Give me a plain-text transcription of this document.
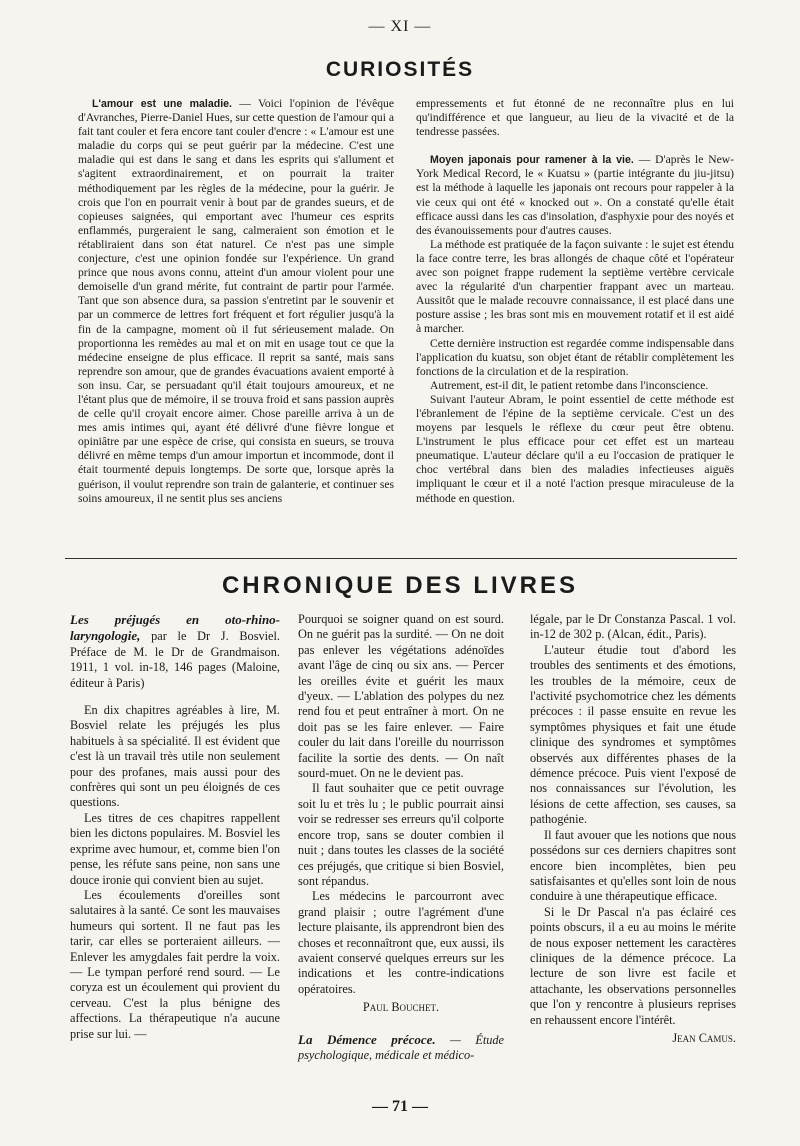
— XI —
CURIOSITÉS

L'amour est une maladie. — Voici l'opinion de l'évêque d'Avranches, Pierre-Daniel Hues, sur cette question de l'amour qui a fait tant couler et fera encore tant couler d'encre : « L'amour est une maladie du corps qui se peut guérir par la médecine. C'est une maladie qui est dans le sang et dans les esprits qui s'allument et s'agitent extraordinairement, et on pourrait la traiter méthodiquement par les règles de la médecine, pour la guérir. Je crois que l'on en pourrait venir à bout par de grandes sueurs, et de copieuses saignées, qui emportant avec l'humeur ces esprits enflammés, purgeraient le sang, calmeraient son émotion et le rétabliraient dans son état naturel. Ce n'est pas une simple conjecture, c'est une opinion fondée sur l'expérience. Un grand prince que nous avons connu, atteint d'un amour violent pour une demoiselle d'un grand mérite, fut contraint de partir pour l'armée. Tant que son absence dura, sa passion s'entretint par le souvenir et par un commerce de lettres fort fréquent et fort régulier jusqu'à la fin de la campagne, moment où il fut sérieusement malade. On proportionna les remèdes au mal et on mit en usage tout ce que la médecine enseigne de plus efficace. Il reprit sa santé, mais sans reprendre son amour, que de grandes évacuations avaient emporté à son insu. Car, se persuadant qu'il était toujours amoureux, et ne l'étant plus que de mémoire, il se trouva froid et sans passion auprès de celle qu'il croyait encore aimer. Chose pareille arriva à un de mes amis intimes qui, ayant été délivré d'une fièvre longue et opiniâtre par une espèce de crise, qui consista en sueurs, se trouva délivré en même temps d'un amour importun et incommode, dont il était tourmenté depuis longtemps. De sorte que, lorsque après la guérison, il voulut reprendre son train de galanterie, et continuer ses soins amoureux, il ne sentit plus ses anciens

empressements et fut étonné de ne reconnaître plus en lui qu'indifférence et que langueur, au lieu de la vivacité et de la tendresse passées.

Moyen japonais pour ramener à la vie. — D'après le New-York Medical Record, le « Kuatsu » (partie intégrante du jiu-jitsu) est la méthode à laquelle les japonais ont recours pour rappeler à la vie ceux qui ont été « knocked out ». On a constaté qu'elle était efficace aussi dans les cas d'insolation, d'asphyxie pour des noyés et des évanouissements pour d'autres causes.

La méthode est pratiquée de la façon suivante : le sujet est étendu la face contre terre, les bras allongés de chaque côté et l'opérateur avec son poignet frappe rudement la septième vertèbre cervicale avec la régularité d'un charpentier frappant avec un marteau. Aussitôt que le malade recouvre connaissance, il est placé dans une posture assise ; les bras sont mis en mouvement rotatif et il est aidé à marcher.

Cette dernière instruction est regardée comme indispensable dans l'application du kuatsu, son objet étant de rétablir complètement les fonctions de la circulation et de la respiration.

Autrement, est-il dit, le patient retombe dans l'inconscience.

Suivant l'auteur Abram, le point essentiel de cette méthode est l'ébranlement de l'épine de la septième cervicale. C'est un des moyens par lesquels le réflexe du cœur peut être obtenu. L'instrument le plus efficace pour cet effet est un marteau pneumatique. L'auteur déclare qu'il a eu l'occasion de pratiquer le choc vertébral dans bien des maladies infectieuses aiguës impliquant le cœur et il a noté l'action presque miraculeuse de la méthode en question.

CHRONIQUE DES LIVRES

Les préjugés en oto-rhino-laryngologie, par le Dr J. Bosviel. Préface de M. le Dr de Grandmaison. 1911, 1 vol. in-18, 146 pages (Maloine, éditeur à Paris)

En dix chapitres agréables à lire, M. Bosviel relate les préjugés les plus habituels à sa spécialité. Il est évident que c'est là un travail très utile non seulement pour des profanes, mais aussi pour des confrères qui sont un peu éloignés de ces questions.

Les titres de ces chapitres rappellent bien les dictons populaires. M. Bosviel les exprime avec humour, et, comme bien l'on pense, les réfute sans peine, non sans une douce ironie qui convient bien au sujet.

Les écoulements d'oreilles sont salutaires à la santé. Ce sont les mauvaises humeurs qui sortent. Il ne faut pas les tarir, car elles se porteraient ailleurs. — Enlever les amygdales fait perdre la voix. — Le tympan perforé rend sourd. — Le coryza est un écoulement qui provient du cerveau. C'est la plus bénigne des affections. La thérapeutique n'a aucune prise sur lui. —

Pourquoi se soigner quand on est sourd. On ne guérit pas la surdité. — On ne doit pas enlever les végétations adénoïdes avant l'âge de cinq ou six ans. — Percer les oreilles évite et guérit les maux d'yeux. — L'ablation des polypes du nez rend fou et peut entraîner à mort. On ne doit pas se les faire enlever. — Faire couler du lait dans l'oreille du nourrisson facilite la sortie des dents. — On naît sourd-muet. On ne le devient pas.

Il faut souhaiter que ce petit ouvrage soit lu et très lu ; le public pourrait ainsi voir se redresser ses erreurs qu'il colporte encore trop, sans se douter combien il nuit ; dans toutes les classes de la société ces préjugés, que critique si bien Bosviel, sont répandus.

Les médecins le parcourront avec grand plaisir ; outre l'agrément d'une lecture plaisante, ils apprendront bien des choses et reconnaîtront que, eux aussi, ils avaient conservé quelques erreurs sur les indications et les contre-indications opératoires.

Paul Bouchet.

La Démence précoce. — Étude psychologique, médicale et médico-

légale, par le Dr Constanza Pascal. 1 vol. in-12 de 302 p. (Alcan, édit., Paris).

L'auteur étudie tout d'abord les troubles des sentiments et des émotions, les troubles de la mémoire, ceux de l'activité psychomotrice chez les déments précoces : il passe ensuite en revue les symptômes physiques et fait une étude clinique des syndromes et symptômes observés aux différentes phases de la démence précoce. Puis vient l'exposé de nos connaissances sur l'évolution, les lésions de cette affection, ses causes, sa pathogénie.

Il faut avouer que les notions que nous possédons sur ces derniers chapitres sont encore bien incomplètes, bien peu satisfaisantes et qu'elles sont loin de nous conduire à une thérapeutique efficace.

Si le Dr Pascal n'a pas éclairé ces points obscurs, il a eu au moins le mérite de nous exposer nettement les caractères cliniques de la démence précoce. La lecture de son livre est facile et attachante, les observations personnelles que l'on y rencontre à plusieurs reprises en rehaussent encore l'intérêt.

Jean Camus.
— 71 —
